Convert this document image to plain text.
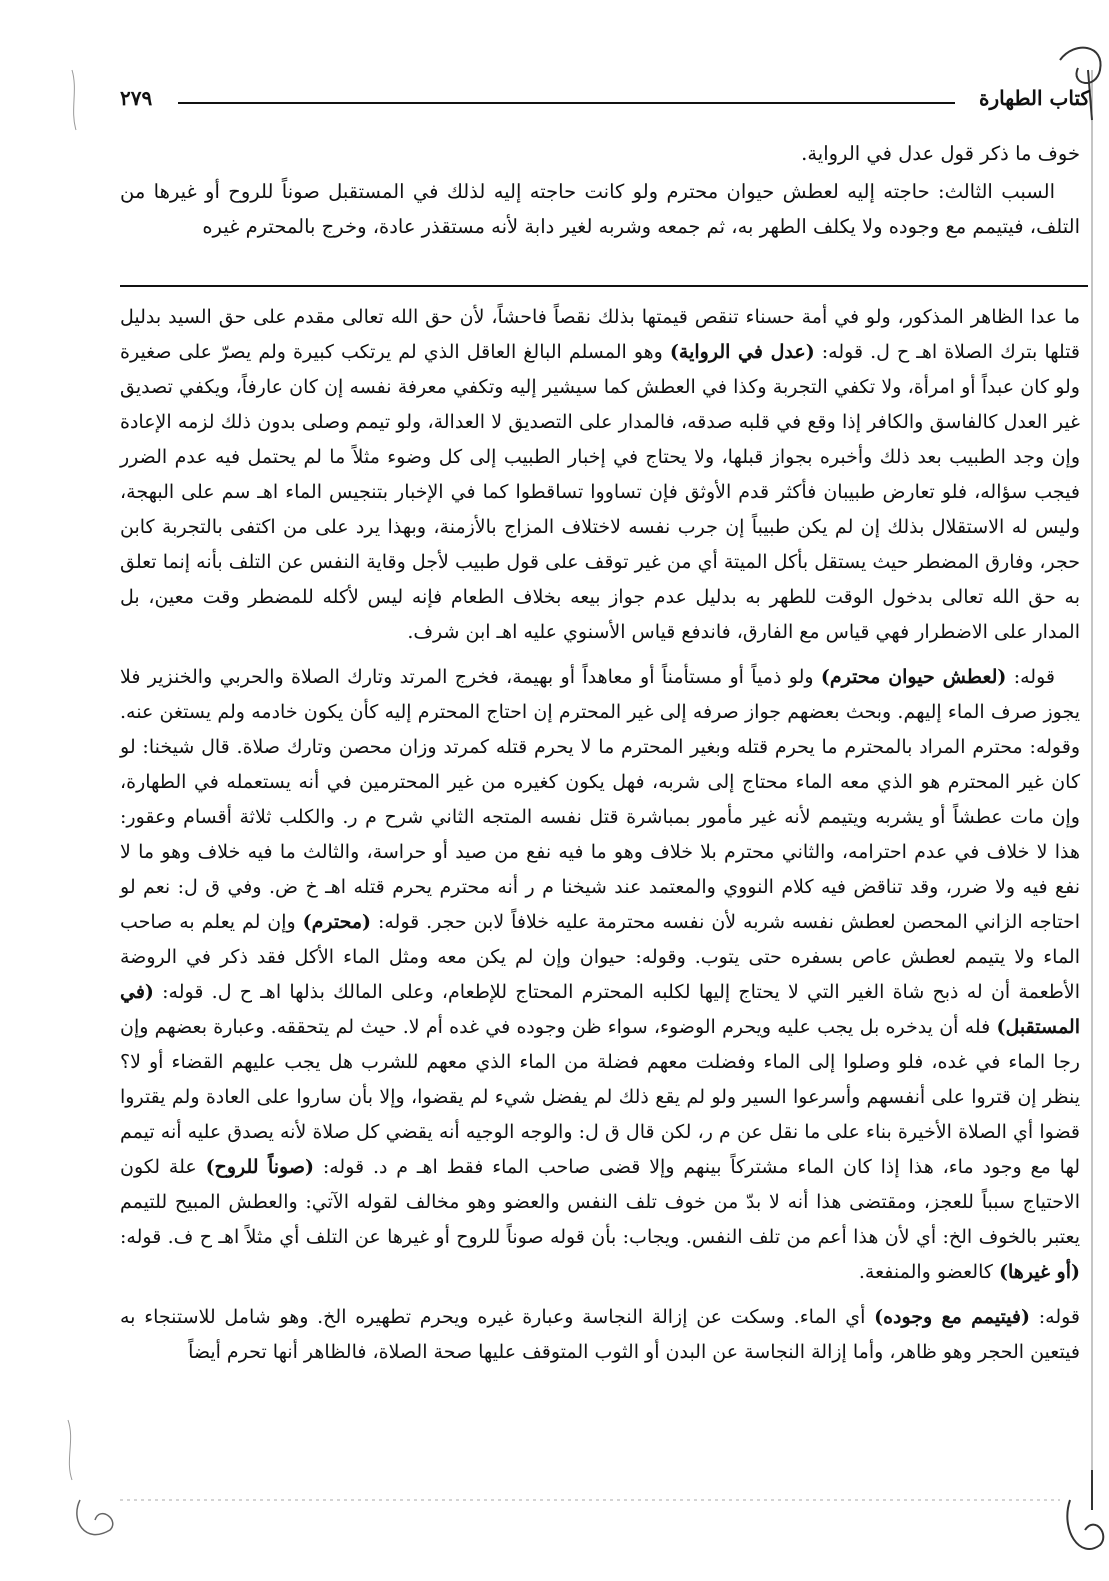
كتاب الطهارة
٢٧٩

خوف ما ذكر قول عدل في الرواية.

السبب الثالث: حاجته إليه لعطش حيوان محترم ولو كانت حاجته إليه لذلك في المستقبل صوناً للروح أو غيرها من التلف، فيتيمم مع وجوده ولا يكلف الطهر به، ثم جمعه وشربه لغير دابة لأنه مستقذر عادة، وخرج بالمحترم غيره

ما عدا الظاهر المذكور، ولو في أمة حسناء تنقص قيمتها بذلك نقصاً فاحشاً، لأن حق الله تعالى مقدم على حق السيد بدليل قتلها بترك الصلاة اهـ ح ل. قوله: (عدل في الرواية) وهو المسلم البالغ العاقل الذي لم يرتكب كبيرة ولم يصرّ على صغيرة ولو كان عبداً أو امرأة، ولا تكفي التجربة وكذا في العطش كما سيشير إليه وتكفي معرفة نفسه إن كان عارفاً، ويكفي تصديق غير العدل كالفاسق والكافر إذا وقع في قلبه صدقه، فالمدار على التصديق لا العدالة، ولو تيمم وصلى بدون ذلك لزمه الإعادة وإن وجد الطبيب بعد ذلك وأخبره بجواز قبلها، ولا يحتاج في إخبار الطبيب إلى كل وضوء مثلاً ما لم يحتمل فيه عدم الضرر فيجب سؤاله، فلو تعارض طبيبان فأكثر قدم الأوثق فإن تساووا تساقطوا كما في الإخبار بتنجيس الماء اهـ سم على البهجة، وليس له الاستقلال بذلك إن لم يكن طبيباً إن جرب نفسه لاختلاف المزاج بالأزمنة، وبهذا يرد على من اكتفى بالتجربة كابن حجر، وفارق المضطر حيث يستقل بأكل الميتة أي من غير توقف على قول طبيب لأجل وقاية النفس عن التلف بأنه إنما تعلق به حق الله تعالى بدخول الوقت للطهر به بدليل عدم جواز بيعه بخلاف الطعام فإنه ليس لأكله للمضطر وقت معين، بل المدار على الاضطرار فهي قياس مع الفارق، فاندفع قياس الأسنوي عليه اهـ ابن شرف.

قوله: (لعطش حيوان محترم) ولو ذمياً أو مستأمناً أو معاهداً أو بهيمة، فخرج المرتد وتارك الصلاة والحربي والخنزير فلا يجوز صرف الماء إليهم. وبحث بعضهم جواز صرفه إلى غير المحترم إن احتاج المحترم إليه كأن يكون خادمه ولم يستغن عنه. وقوله: محترم المراد بالمحترم ما يحرم قتله وبغير المحترم ما لا يحرم قتله كمرتد وزان محصن وتارك صلاة. قال شيخنا: لو كان غير المحترم هو الذي معه الماء محتاج إلى شربه، فهل يكون كغيره من غير المحترمين في أنه يستعمله في الطهارة، وإن مات عطشاً أو يشربه ويتيمم لأنه غير مأمور بمباشرة قتل نفسه المتجه الثاني شرح م ر. والكلب ثلاثة أقسام وعقور: هذا لا خلاف في عدم احترامه، والثاني محترم بلا خلاف وهو ما فيه نفع من صيد أو حراسة، والثالث ما فيه خلاف وهو ما لا نفع فيه ولا ضرر، وقد تناقض فيه كلام النووي والمعتمد عند شيخنا م ر أنه محترم يحرم قتله اهـ خ ض. وفي ق ل: نعم لو احتاجه الزاني المحصن لعطش نفسه شربه لأن نفسه محترمة عليه خلافاً لابن حجر. قوله: (محترم) وإن لم يعلم به صاحب الماء ولا يتيمم لعطش عاص بسفره حتى يتوب. وقوله: حيوان وإن لم يكن معه ومثل الماء الأكل فقد ذكر في الروضة الأطعمة أن له ذبح شاة الغير التي لا يحتاج إليها لكلبه المحترم المحتاج للإطعام، وعلى المالك بذلها اهـ ح ل. قوله: (في المستقبل) فله أن يدخره بل يجب عليه ويحرم الوضوء، سواء ظن وجوده في غده أم لا. حيث لم يتحققه. وعبارة بعضهم وإن رجا الماء في غده، فلو وصلوا إلى الماء وفضلت معهم فضلة من الماء الذي معهم للشرب هل يجب عليهم القضاء أو لا؟ ينظر إن قتروا على أنفسهم وأسرعوا السير ولو لم يقع ذلك لم يفضل شيء لم يقضوا، وإلا بأن ساروا على العادة ولم يقتروا قضوا أي الصلاة الأخيرة بناء على ما نقل عن م ر، لكن قال ق ل: والوجه الوجيه أنه يقضي كل صلاة لأنه يصدق عليه أنه تيمم لها مع وجود ماء، هذا إذا كان الماء مشتركاً بينهم وإلا قضى صاحب الماء فقط اهـ م د. قوله: (صوناً للروح) علة لكون الاحتياج سبباً للعجز، ومقتضى هذا أنه لا بدّ من خوف تلف النفس والعضو وهو مخالف لقوله الآتي: والعطش المبيح للتيمم يعتبر بالخوف الخ: أي لأن هذا أعم من تلف النفس. ويجاب: بأن قوله صوناً للروح أو غيرها عن التلف أي مثلاً اهـ ح ف. قوله: (أو غيرها) كالعضو والمنفعة.

قوله: (فيتيمم مع وجوده) أي الماء. وسكت عن إزالة النجاسة وعبارة غيره ويحرم تطهيره الخ. وهو شامل للاستنجاء به فيتعين الحجر وهو ظاهر، وأما إزالة النجاسة عن البدن أو الثوب المتوقف عليها صحة الصلاة، فالظاهر أنها تحرم أيضاً
